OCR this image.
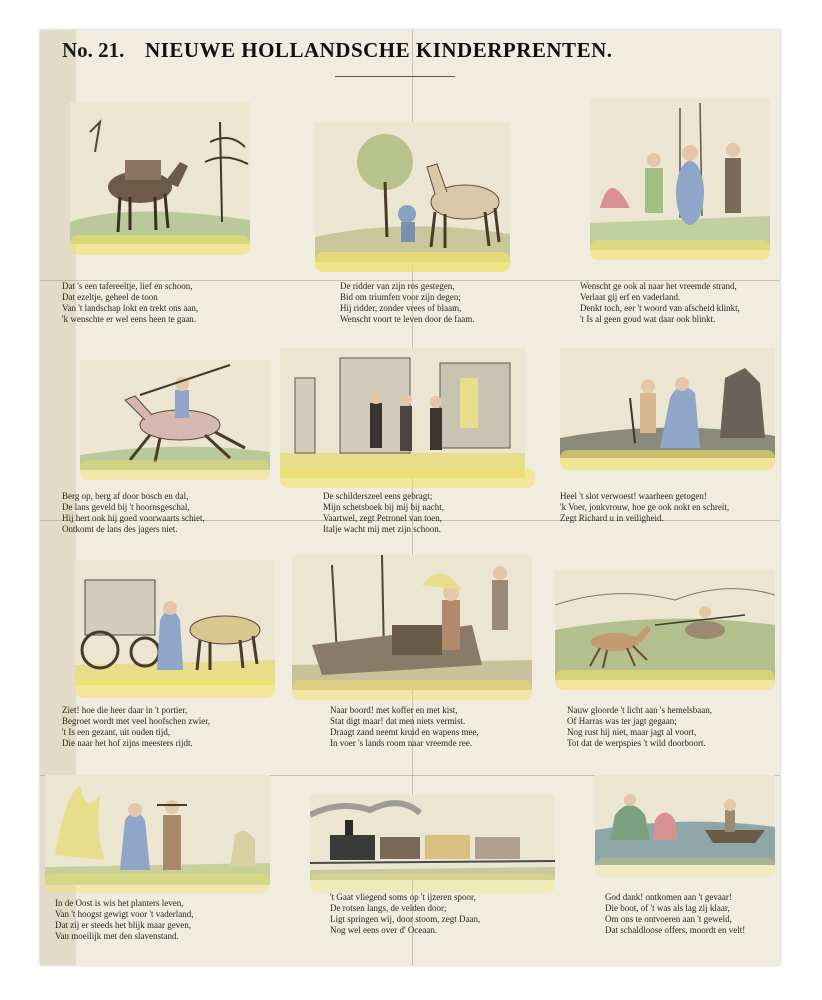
No. 21. NIEUWE HOLLANDSCHE KINDERPRENTEN.
Dat 's een tafereeltje, lief en schoon,
Dat ezeltje, geheel de toon
Van 't landschap lokt en trekt ons aan,
'k wenschte er wel eens heen te gaan.
De ridder van zijn ros gestegen,
Bid om triumfen voor zijn degen;
Hij ridder, zonder vrees of blaam,
Wenscht voort te leven door de faam.
Wenscht ge ook al naar het vreemde strand,
Verlaat gij erf en vaderland.
Denkt toch, eer 't woord van afscheid klinkt,
't Is al geen goud wat daar ook blinkt.
Berg op, berg af door bosch en dal,
De lans geveld bij 't hoornsgeschal,
Hij hert ook hij goed voorwaarts schiet,
Ontkomt de lans des jagers niet.
De schilderszeel eens gebragt;
Mijn schetsboek bij mij bij nacht,
Vaartwel, zegt Petronel van toen,
Italje wacht mij met zijn schoon.
Heel 't slot verwoest! waarheen getogen!
'k Voer, jonkvrouw, hoe ge ook nokt en schreit,
Zegt Richard u in veiligheid.
Ziet! hoe die heer daar in 't portier,
Begroet wordt met veel hoofschen zwier,
't Is een gezant, uit ouden tijd,
Die naar het hof zijns meesters rijdt.
Naar boord! met koffer en met kist,
Stat digt maar! dat men niets vermist.
Draagt zand neemt kruid en wapens mee,
In voer 's lands room naar vreemde ree.
Nauw gloorde 't licht aan 's hemelsbaan,
Of Harras was ter jagt gegaan;
Nog rust hij niet, maar jagt al voort,
Tot dat de werpspies 't wild doorboort.
In de Oost is wis het planters leven,
Van 't hoogst gewigt voor 't vaderland,
Dat zij er steeds het blijk maar geven,
Van moeilijk met den slavenstand.
't Gaat vliegend soms op 't ijzeren spoor,
De rotsen langs, de velden door;
Ligt springen wij, door stoom, zegt Daan,
Nog wel eens over d' Oceaan.
God dank! ontkomen aan 't gevaar!
Die boot, of 't was als lag zij klaar,
Om ons te ontvoeren aan 't geweld,
Dat schaldloose offers, moordt en velt!
